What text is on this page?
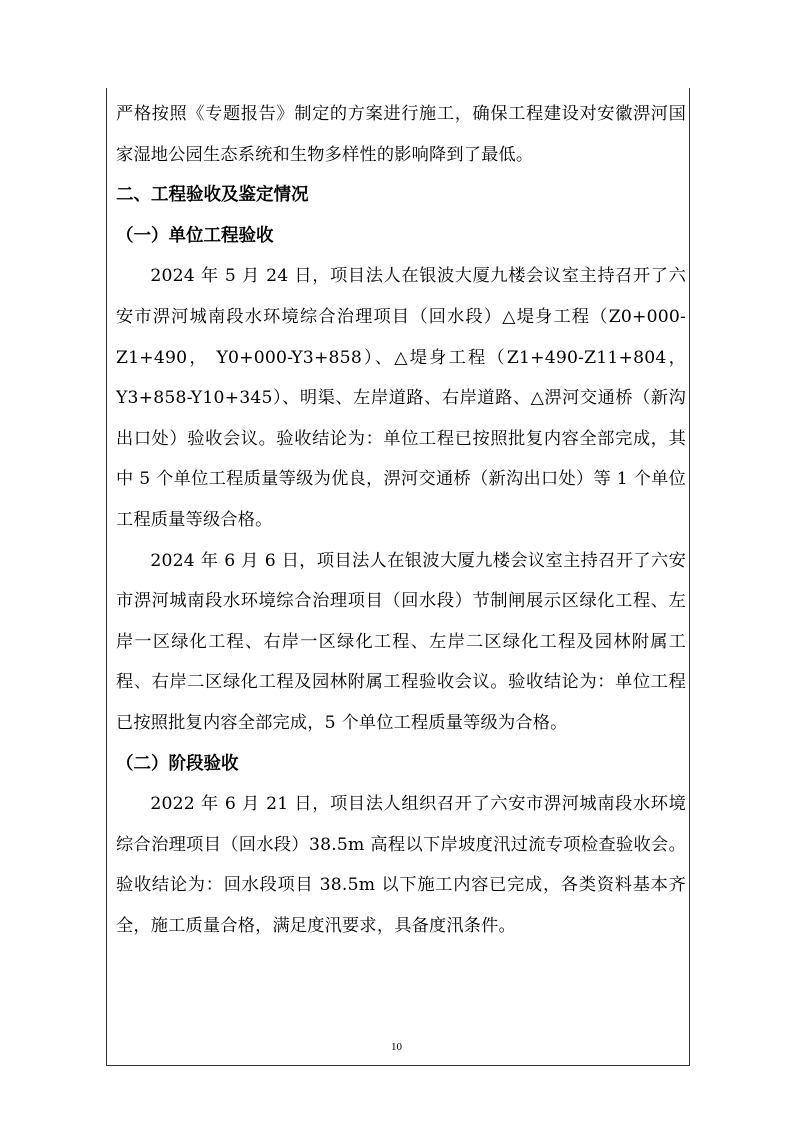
严格按照《专题报告》制定的方案进行施工，确保工程建设对安徽淠河国家湿地公园生态系统和生物多样性的影响降到了最低。

二、工程验收及鉴定情况

（一）单位工程验收

2024 年 5 月 24 日，项目法人在银波大厦九楼会议室主持召开了六安市淠河城南段水环境综合治理项目（回水段）△堤身工程（Z0+000-Z1+490， Y0+000-Y3+858）、△堤身工程（Z1+490-Z11+804，Y3+858-Y10+345）、明渠、左岸道路、右岸道路、△淠河交通桥（新沟出口处）验收会议。验收结论为：单位工程已按照批复内容全部完成，其中 5 个单位工程质量等级为优良，淠河交通桥（新沟出口处）等 1 个单位工程质量等级合格。

2024 年 6 月 6 日，项目法人在银波大厦九楼会议室主持召开了六安市淠河城南段水环境综合治理项目（回水段）节制闸展示区绿化工程、左岸一区绿化工程、右岸一区绿化工程、左岸二区绿化工程及园林附属工程、右岸二区绿化工程及园林附属工程验收会议。验收结论为：单位工程已按照批复内容全部完成，5 个单位工程质量等级为合格。

（二）阶段验收

2022 年 6 月 21 日，项目法人组织召开了六安市淠河城南段水环境综合治理项目（回水段）38.5m 高程以下岸坡度汛过流专项检查验收会。验收结论为：回水段项目 38.5m 以下施工内容已完成，各类资料基本齐全，施工质量合格，满足度汛要求，具备度汛条件。

10
